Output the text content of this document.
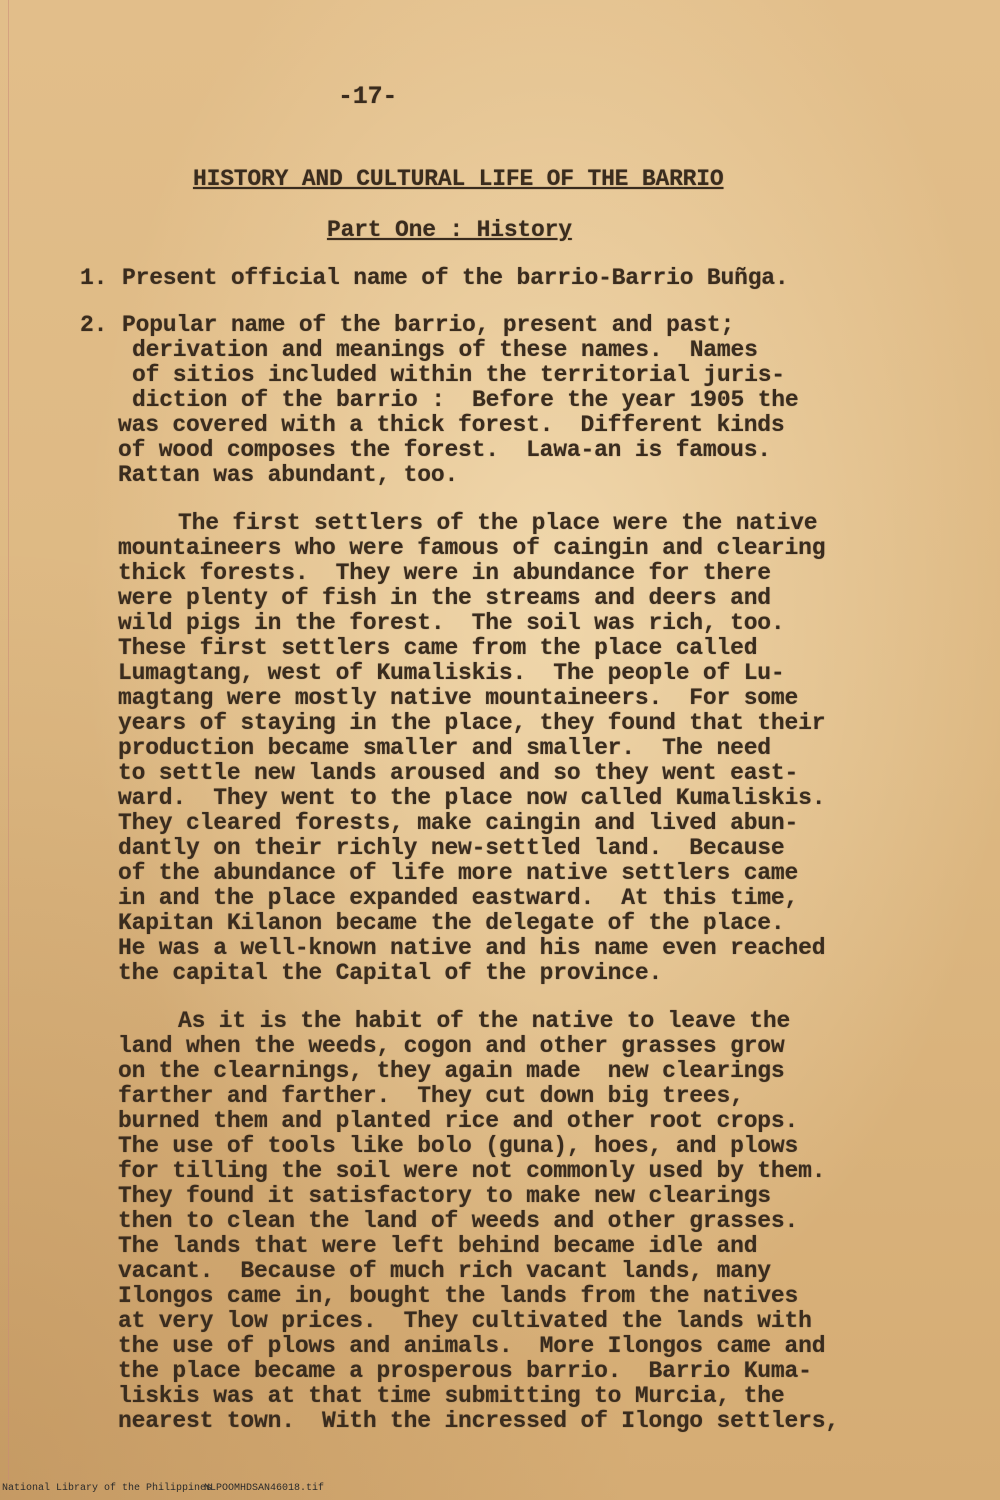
-17-
HISTORY AND CULTURAL LIFE OF THE BARRIO
Part One : History
1. Present official name of the barrio-Barrio Buñga.
2. Popular name of the barrio, present and past;
derivation and meanings of these names.  Names
of sitios included within the territorial juris-
diction of the barrio :  Before the year 1905 the
was covered with a thick forest.  Different kinds
of wood composes the forest.  Lawa-an is famous.
Rattan was abundant, too.
The first settlers of the place were the native
mountaineers who were famous of caingin and clearing
thick forests.  They were in abundance for there
were plenty of fish in the streams and deers and
wild pigs in the forest.  The soil was rich, too.
These first settlers came from the place called
Lumagtang, west of Kumaliskis.  The people of Lu-
magtang were mostly native mountaineers.  For some
years of staying in the place, they found that their
production became smaller and smaller.  The need
to settle new lands aroused and so they went east-
ward.  They went to the place now called Kumaliskis.
They cleared forests, make caingin and lived abun-
dantly on their richly new-settled land.  Because
of the abundance of life more native settlers came
in and the place expanded eastward.  At this time,
Kapitan Kilanon became the delegate of the place.
He was a well-known native and his name even reached
the capital the Capital of the province.
As it is the habit of the native to leave the
land when the weeds, cogon and other grasses grow
on the clearnings, they again made  new clearings
farther and farther.  They cut down big trees,
burned them and planted rice and other root crops.
The use of tools like bolo (guna), hoes, and plows
for tilling the soil were not commonly used by them.
They found it satisfactory to make new clearings
then to clean the land of weeds and other grasses.
The lands that were left behind became idle and
vacant.  Because of much rich vacant lands, many
Ilongos came in, bought the lands from the natives
at very low prices.  They cultivated the lands with
the use of plows and animals.  More Ilongos came and
the place became a prosperous barrio.  Barrio Kuma-
liskis was at that time submitting to Murcia, the
nearest town.  With the incressed of Ilongo settlers,
National Library of the Philippines
NLPOOMHDSAN46018.tif
